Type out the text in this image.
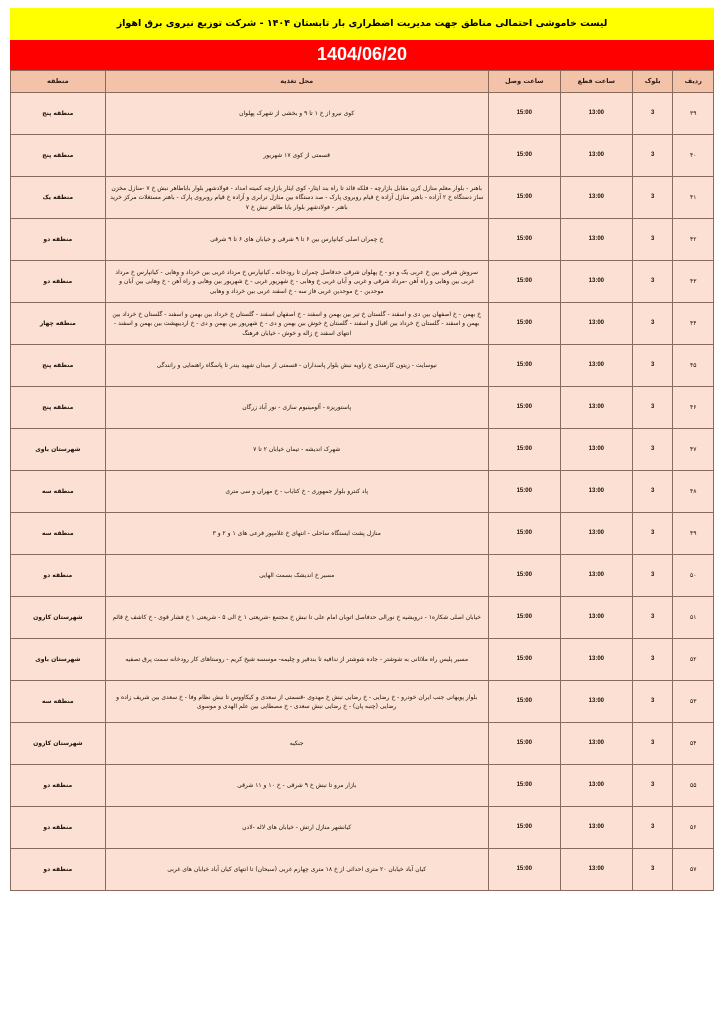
لیست خاموشی احتمالی مناطق جهت مدیریت اضطراری بار تابستان ۱۴۰۴ - شرکت توزیع نیروی برق اهواز
1404/06/20
ردیف	بلوک	ساعت قطع	ساعت وصل	محل تغذیه	منطقه
۳۹	3	13:00	15:00	کوی نیرو از خ ۱ تا ۹ و بخشی از شهرک پهلوان	منطقه پنج
۴۰	3	13:00	15:00	قسمتی از کوی ۱۷ شهریور	منطقه پنج
۴۱	3	13:00	15:00	باهنر - بلوار معلم منازل کرن مقابل بازارچه - فلکه قائد تا راه بند ایثار- کوی ایثار بازارچه کمیته امداد - فولادشهر بلوار باباطاهر نبش خ ۷ -منازل مخزن ساز دستگاه خ ۲ آزاده - باهنر منازل آزاده خ قیام روبروی پارک - صد دستگاه بین منازل ترابری و آزاده خ قیام روبروی پارک - باهنر مستغلات مرکز خرید باهنر - فولادشهر بلوار بابا طاهر نبش خ ۷	منطقه یک
۴۲	3	13:00	15:00	خ چمران اصلی کیانپارس بین ۶ تا ۹ شرقی و خیابان های ۶ تا ۹ شرقی	منطقه دو
۴۳	3	13:00	15:00	سروش شرقی بین خ عربی یک و دو - خ پهلوان شرقی حدفاصل چمران تا رودخانه ـ کیانپارس خ مرداد غربی بین خرداد و وهابی - کیانپارس خ مرداد غربی بین وهابی و راه آهن -مرداد شرقی و غربی و آبان غربی خ وهابی - خ شهریور غربی - خ شهریور بین وهابی و راه آهن - خ وهابی بین آبان و موحدین - خ موحدین غربی فاز سه - خ اسفند غربی بین خرداد و وهابی	منطقه دو
۴۴	3	13:00	15:00	خ بهمن - خ اصفهان بین دی و اسفند - گلستان خ تیر بین بهمن و اسفند - خ اصفهان اسفند - گلستان خ خرداد بین بهمن و اسفند - گلستان خ خرداد بین بهمن و اسفند - گلستان خ خرداد بین اقبال و اسفند - گلستان خ خوش بین بهمن و دی - خ شهریور بین بهمن و دی - خ اردیبهشت بین بهمن و اسفند - انتهای اسفند خ زاﻟﻪ و خوش - خیابان فرهنگ	منطقه چهار
۴۵	3	13:00	15:00	نیوسایت - زیتون کارمندی خ زاویه نبش بلوار پاسداران - قسمتی از میدان شهید بندر تا پاسگاه راهنمایی و رانندگی	منطقه پنج
۴۶	3	13:00	15:00	پاستوریزه - آلومینیوم سازی - نور آباد زرگان	منطقه پنج
۴۷	3	13:00	15:00	شهرک اندیشه - تیمان خیابان ۲ تا ۷	شهرستان باوی
۴۸	3	13:00	15:00	پاد کنترو بلوار جمهوری - خ کتایاب - خ مهران و سی متری	منطقه سه
۴۹	3	13:00	15:00	منازل پشت ایستگاه ساحلی - انتهای خ غلامپور فرعی های ۱ و ۲ و ۳	منطقه سه
۵۰	3	13:00	15:00	مسیر خ اندیشک بسمت الهایی	منطقه دو
۵۱	3	13:00	15:00	خیابان اصلی شکاره۱ - درویشیه خ نورالی حدفاصل اتوبان امام علی تا نبش خ مجتمع -شریعتی ۱ خ الی ۵ - شریعتی ۱ خ فشار قوی - خ کاشف خ قائم	شهرستان کارون
۵۲	3	13:00	15:00	مسیر پلیس راه ملاثانی به شوشتر - جاده شوشتر از ندافیه تا بندقیر و چلیمه- موسسه شیخ کریم - روستاهای کار رودخانه سمت پرق تصفیه	شهرستان باوی
۵۳	3	13:00	15:00	بلوار پویهانی جنب ایران خودرو - خ رضایی - خ رضایی نبش خ مهدوی -قسمتی از سعدی و کیکاووس تا نبش نظام وفا - خ سعدی بین شریف زاده و رضایی (چنبه پان) - خ رضایی نبش سعدی - خ مصطایی بین علم الهدی و موسوی	منطقه سه
۵۴	3	13:00	15:00	جنکیه	شهرستان کارون
۵۵	3	13:00	15:00	بازار مرو تا نبش خ ۹ شرقی - خ ۱۰ و ۱۱ شرقی	منطقه دو
۵۶	3	13:00	15:00	کیانشهر منازل ارتش - خیابان های لاله -لادن	منطقه دو
۵۷	3	13:00	15:00	کیان آباد خیابان ۲۰ متری احداثی از خ ۱۸ متری چهارم غربی (سبحان) تا انتهای کیان آباد خیابان های غربی	منطقه دو
